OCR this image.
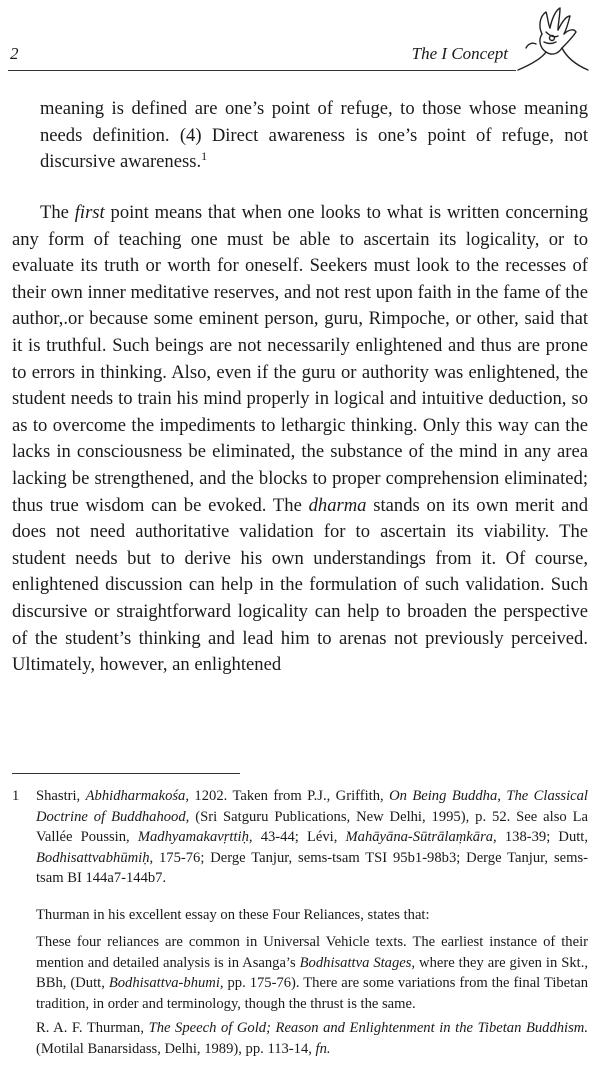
2	The I Concept
meaning is defined are one’s point of refuge, to those whose meaning needs definition. (4) Direct awareness is one’s point of refuge, not discursive awareness.$^1$
The first point means that when one looks to what is written concerning any form of teaching one must be able to ascertain its logicality, or to evaluate its truth or worth for oneself. Seekers must look to the recesses of their own inner meditative reserves, and not rest upon faith in the fame of the author,.or because some eminent person, guru, Rimpoche, or other, said that it is truthful. Such beings are not necessarily enlightened and thus are prone to errors in thinking. Also, even if the guru or authority was enlightened, the student needs to train his mind properly in logical and intuitive deduction, so as to overcome the impediments to lethargic thinking. Only this way can the lacks in consciousness be eliminated, the substance of the mind in any area lacking be strengthened, and the blocks to proper comprehension eliminated; thus true wisdom can be evoked. The dharma stands on its own merit and does not need authoritative validation for to ascertain its viability. The student needs but to derive his own understandings from it. Of course, enlightened discussion can help in the formulation of such validation. Such discursive or straightforward logicality can help to broaden the perspective of the student’s thinking and lead him to arenas not previously perceived. Ultimately, however, an enlightened
1 Shastri, Abhidharmakośa, 1202. Taken from P.J., Griffith, On Being Buddha, The Classical Doctrine of Buddhahood, (Sri Satguru Publications, New Delhi, 1995), p. 52. See also La Vallée Poussin, Madhyamakavṛttiḥ, 43-44; Lévi, Mahāyāna-Sūtrālaṃkāra, 138-39; Dutt, Bodhisattvabhūmiḥ, 175-76; Derge Tanjur, sems-tsam TSI 95b1-98b3; Derge Tanjur, sems-tsam BI 144a7-144b7.
Thurman in his excellent essay on these Four Reliances, states that:
These four reliances are common in Universal Vehicle texts. The earliest instance of their mention and detailed analysis is in Asanga’s Bodhisattva Stages, where they are given in Skt., BBh, (Dutt, Bodhisattva-bhumi, pp. 175-76). There are some variations from the final Tibetan tradition, in order and terminology, though the thrust is the same.
R. A. F. Thurman, The Speech of Gold; Reason and Enlightenment in the Tibetan Buddhism. (Motilal Banarsidass, Delhi, 1989), pp. 113-14, fn.
